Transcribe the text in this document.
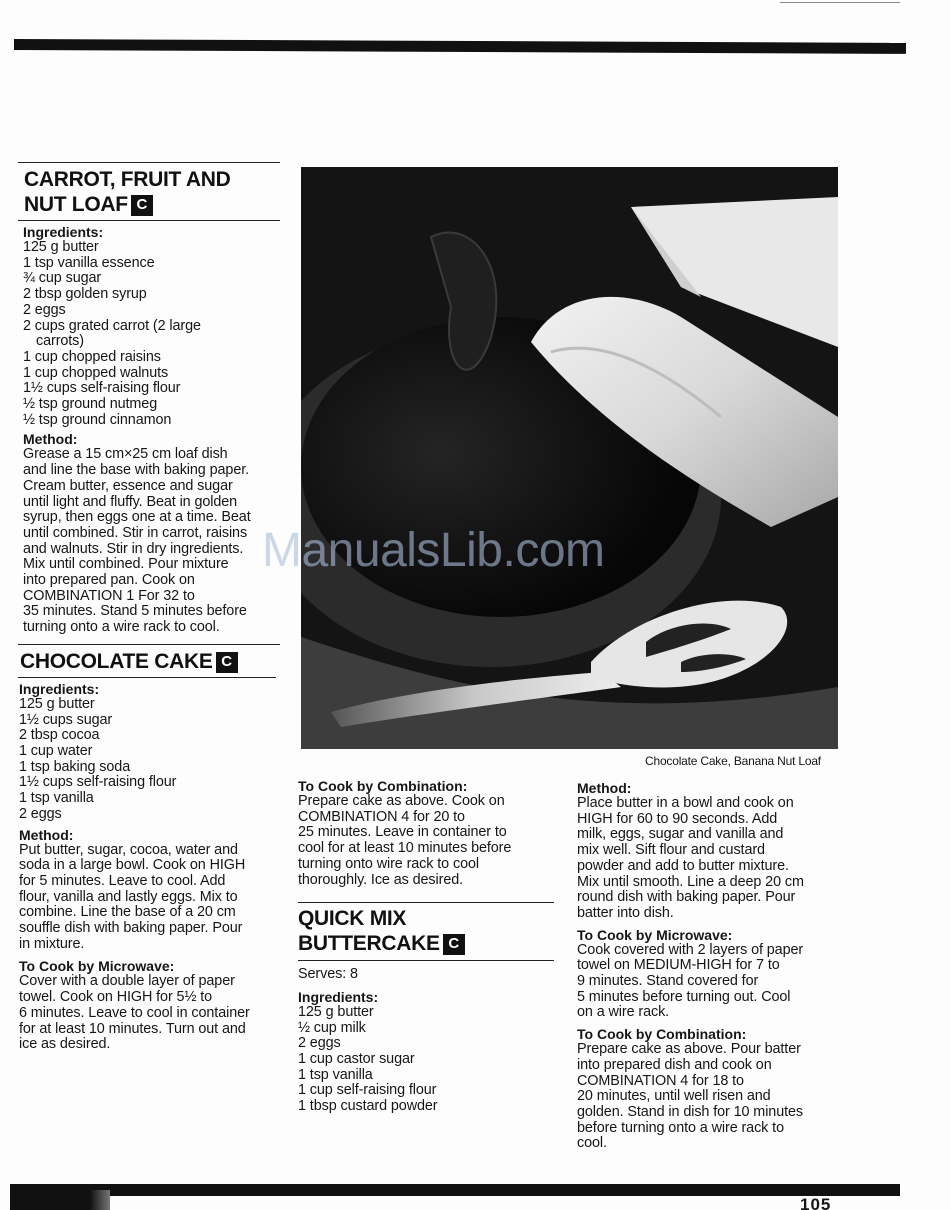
CARROT, FRUIT AND
NUT LOAF C
Ingredients:
125 g butter
1 tsp vanilla essence
¾ cup sugar
2 tbsp golden syrup
2 eggs
2 cups grated carrot (2 large
carrots)
1 cup chopped raisins
1 cup chopped walnuts
1½ cups self-raising flour
½ tsp ground nutmeg
½ tsp ground cinnamon
Method:
Grease a 15 cm×25 cm loaf dish
and line the base with baking paper.
Cream butter, essence and sugar
until light and fluffy. Beat in golden
syrup, then eggs one at a time. Beat
until combined. Stir in carrot, raisins
and walnuts. Stir in dry ingredients.
Mix until combined. Pour mixture
into prepared pan. Cook on
COMBINATION 1 For 32 to
35 minutes. Stand 5 minutes before
turning onto a wire rack to cool.
CHOCOLATE CAKE C
Ingredients:
125 g butter
1½ cups sugar
2 tbsp cocoa
1 cup water
1 tsp baking soda
1½ cups self-raising flour
1 tsp vanilla
2 eggs
Method:
Put butter, sugar, cocoa, water and
soda in a large bowl. Cook on HIGH
for 5 minutes. Leave to cool. Add
flour, vanilla and lastly eggs. Mix to
combine. Line the base of a 20 cm
souffle dish with baking paper. Pour
in mixture.
To Cook by Microwave:
Cover with a double layer of paper
towel. Cook on HIGH for 5½ to
6 minutes. Leave to cool in container
for at least 10 minutes. Turn out and
ice as desired.
Chocolate Cake, Banana Nut Loaf
To Cook by Combination:
Prepare cake as above. Cook on
COMBINATION 4 for 20 to
25 minutes. Leave in container to
cool for at least 10 minutes before
turning onto wire rack to cool
thoroughly. Ice as desired.
QUICK MIX
BUTTERCAKE C
Serves: 8
Ingredients:
125 g butter
½ cup milk
2 eggs
1 cup castor sugar
1 tsp vanilla
1 cup self-raising flour
1 tbsp custard powder
Method:
Place butter in a bowl and cook on
HIGH for 60 to 90 seconds. Add
milk, eggs, sugar and vanilla and
mix well. Sift flour and custard
powder and add to butter mixture.
Mix until smooth. Line a deep 20 cm
round dish with baking paper. Pour
batter into dish.
To Cook by Microwave:
Cook covered with 2 layers of paper
towel on MEDIUM-HIGH for 7 to
9 minutes. Stand covered for
5 minutes before turning out. Cool
on a wire rack.
To Cook by Combination:
Prepare cake as above. Pour batter
into prepared dish and cook on
COMBINATION 4 for 18 to
20 minutes, until well risen and
golden. Stand in dish for 10 minutes
before turning onto a wire rack to
cool.
ManualsLib.com
105
